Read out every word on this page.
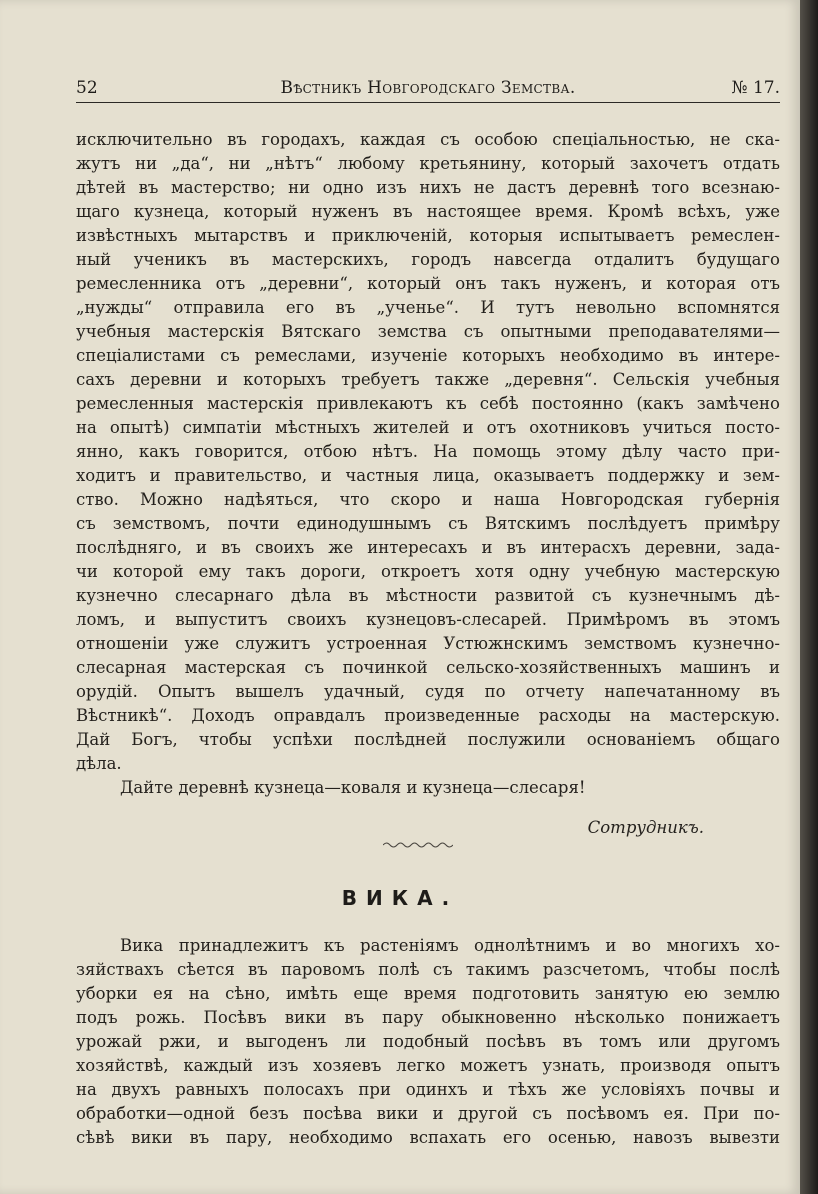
52	Вѣстникъ Новгородскаго Земства.	№ 17.
исключительно въ городахъ, каждая съ особою спеціальностью, не ска-
жутъ ни „да“, ни „нѣтъ“ любому кретьянину, который захочетъ отдать
дѣтей въ мастерство; ни одно изъ нихъ не дастъ деревнѣ того всезнаю-
щаго кузнеца, который нуженъ въ настоящее время. Кромѣ всѣхъ, уже
извѣстныхъ мытарствъ и приключеній, которыя испытываетъ ремеслен-
ный ученикъ въ мастерскихъ, городъ навсегда отдалитъ будущаго
ремесленника отъ „деревни“, который онъ такъ нуженъ, и которая отъ
„нужды“ отправила его въ „ученье“. И тутъ невольно вспомнятся
учебныя мастерскія Вятскаго земства съ опытными преподавателями—
спеціалистами съ ремеслами, изученіе которыхъ необходимо въ интере-
сахъ деревни и которыхъ требуетъ также „деревня“. Сельскія учебныя
ремесленныя мастерскія привлекаютъ къ себѣ постоянно (какъ замѣчено
на опытѣ) симпатіи мѣстныхъ жителей и отъ охотниковъ учиться посто-
янно, какъ говорится, отбою нѣтъ. На помощь этому дѣлу часто при-
ходитъ и правительство, и частныя лица, оказываетъ поддержку и зем-
ство. Можно надѣяться, что скоро и наша Новгородская губернія
съ земствомъ, почти единодушнымъ съ Вятскимъ послѣдуетъ примѣру
послѣдняго, и въ своихъ же интересахъ и въ интерасхъ деревни, зада-
чи которой ему такъ дороги, откроетъ хотя одну учебную мастерскую
кузнечно слесарнаго дѣла въ мѣстности развитой съ кузнечнымъ дѣ-
ломъ, и выпуститъ своихъ кузнецовъ-слесарей. Примѣромъ въ этомъ
отношеніи уже служитъ устроенная Устюжнскимъ земствомъ кузнечно-
слесарная мастерская съ починкой сельско-хозяйственныхъ машинъ и
орудій. Опытъ вышелъ удачный, судя по отчету напечатанному въ
Вѣстникѣ“. Доходъ оправдалъ произведенные расходы на мастерскую.
Дай Богъ, чтобы успѣхи послѣдней послужили основаніемъ общаго
дѣла.
Дайте деревнѣ кузнеца—коваля и кузнеца—слесаря!
Сотрудникъ.
ВИКА.
Вика принадлежитъ къ растеніямъ однолѣтнимъ и во многихъ хо-
зяйствахъ сѣется въ паровомъ полѣ съ такимъ разсчетомъ, чтобы послѣ
уборки ея на сѣно, имѣть еще время подготовить занятую ею землю
подъ рожь. Посѣвъ вики въ пару обыкновенно нѣсколько понижаетъ
урожай ржи, и выгоденъ ли подобный посѣвъ въ томъ или другомъ
хозяйствѣ, каждый изъ хозяевъ легко можетъ узнать, производя опытъ
на двухъ равныхъ полосахъ при одинхъ и тѣхъ же условіяхъ почвы и
обработки—одной безъ посѣва вики и другой съ посѣвомъ ея. При по-
сѣвѣ вики въ пару, необходимо вспахать его осенью, навозъ вывезти
